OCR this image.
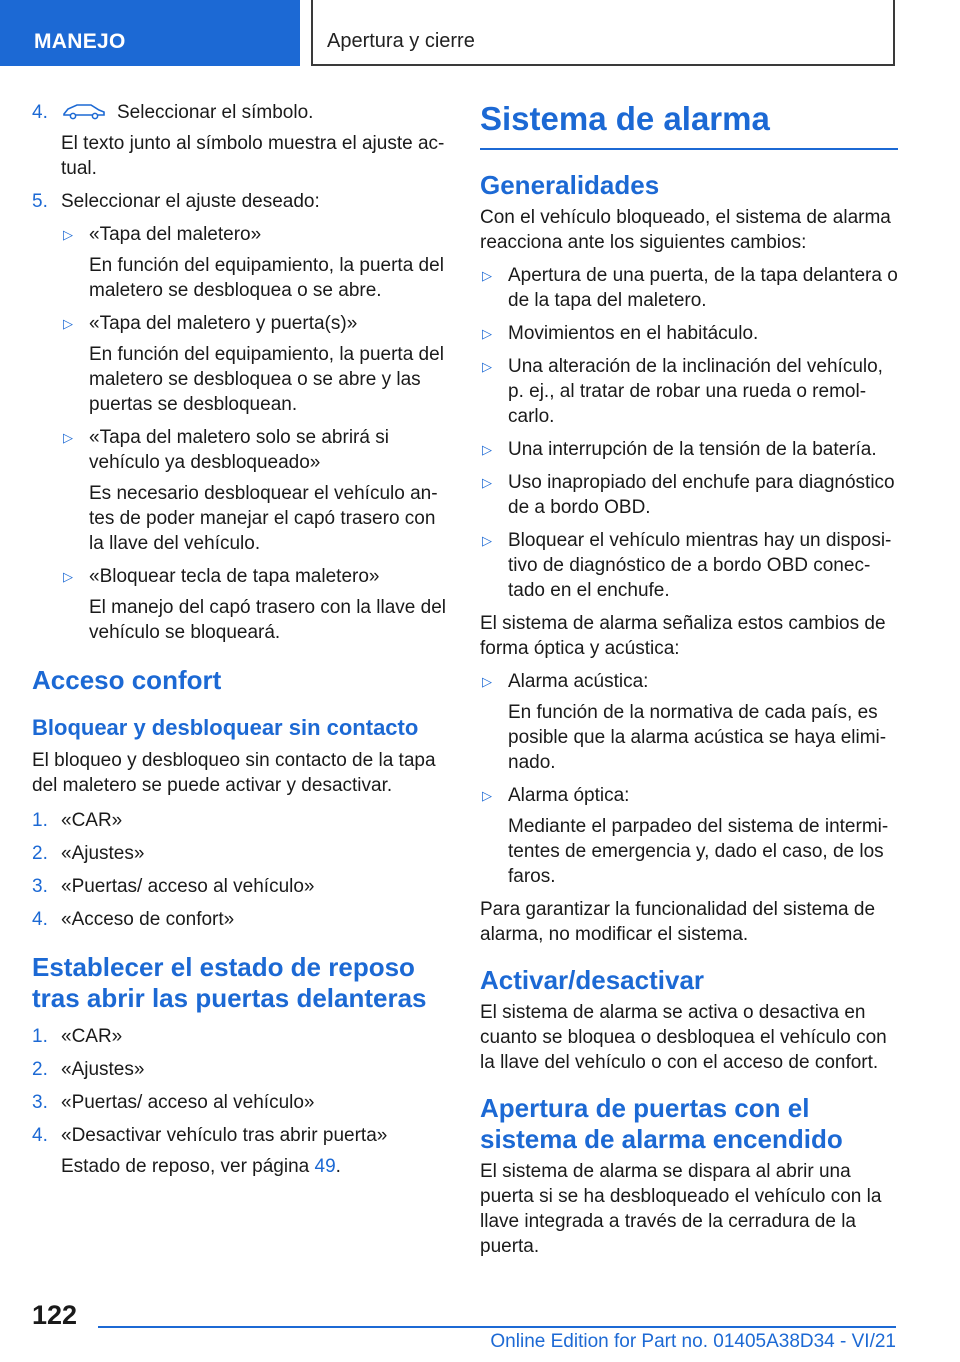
MANEJO	Apertura y cierre
4.	Seleccionar el símbolo.

El texto junto al símbolo muestra el ajuste ac-tual.

5. Seleccionar el ajuste deseado:

▷ «Tapa del maletero»

En función del equipamiento, la puerta del maletero se desbloquea o se abre.

▷ «Tapa del maletero y puerta(s)»

En función del equipamiento, la puerta del maletero se desbloquea o se abre y las puertas se desbloquean.

▷ «Tapa del maletero solo se abrirá si vehículo ya desbloqueado»

Es necesario desbloquear el vehículo an-tes de poder manejar el capó trasero con la llave del vehículo.

▷ «Bloquear tecla de tapa maletero»

El manejo del capó trasero con la llave del vehículo se bloqueará.

Acceso confort
Bloquear y desbloquear sin contacto

El bloqueo y desbloqueo sin contacto de la tapa del maletero se puede activar y desactivar.

1. «CAR»

2. «Ajustes»

3. «Puertas/ acceso al vehículo»

4. «Acceso de confort»

Establecer el estado de reposo tras abrir las puertas delanteras
1. «CAR»

2. «Ajustes»

3. «Puertas/ acceso al vehículo»

4. «Desactivar vehículo tras abrir puerta»

Estado de reposo, ver página 49.

Sistema de alarma
Generalidades

Con el vehículo bloqueado, el sistema de alarma reacciona ante los siguientes cambios:

▷ Apertura de una puerta, de la tapa delantera o de la tapa del maletero.

▷ Movimientos en el habitáculo.

▷ Una alteración de la inclinación del vehículo, p. ej., al tratar de robar una rueda o remol-carlo.

▷ Una interrupción de la tensión de la batería.

▷ Uso inapropiado del enchufe para diagnóstico de a bordo OBD.

▷ Bloquear el vehículo mientras hay un disposi-tivo de diagnóstico de a bordo OBD conec-tado en el enchufe.

El sistema de alarma señaliza estos cambios de forma óptica y acústica:

▷ Alarma acústica:

En función de la normativa de cada país, es posible que la alarma acústica se haya elimi-nado.

▷ Alarma óptica:

Mediante el parpadeo del sistema de intermi-tentes de emergencia y, dado el caso, de los faros.

Para garantizar la funcionalidad del sistema de alarma, no modificar el sistema.

Activar/desactivar

El sistema de alarma se activa o desactiva en cuanto se bloquea o desbloquea el vehículo con la llave del vehículo o con el acceso de confort.

Apertura de puertas con el sistema de alarma encendido

El sistema de alarma se dispara al abrir una puerta si se ha desbloqueado el vehículo con la llave integrada a través de la cerradura de la puerta.

122
Online Edition for Part no. 01405A38D34 - VI/21
